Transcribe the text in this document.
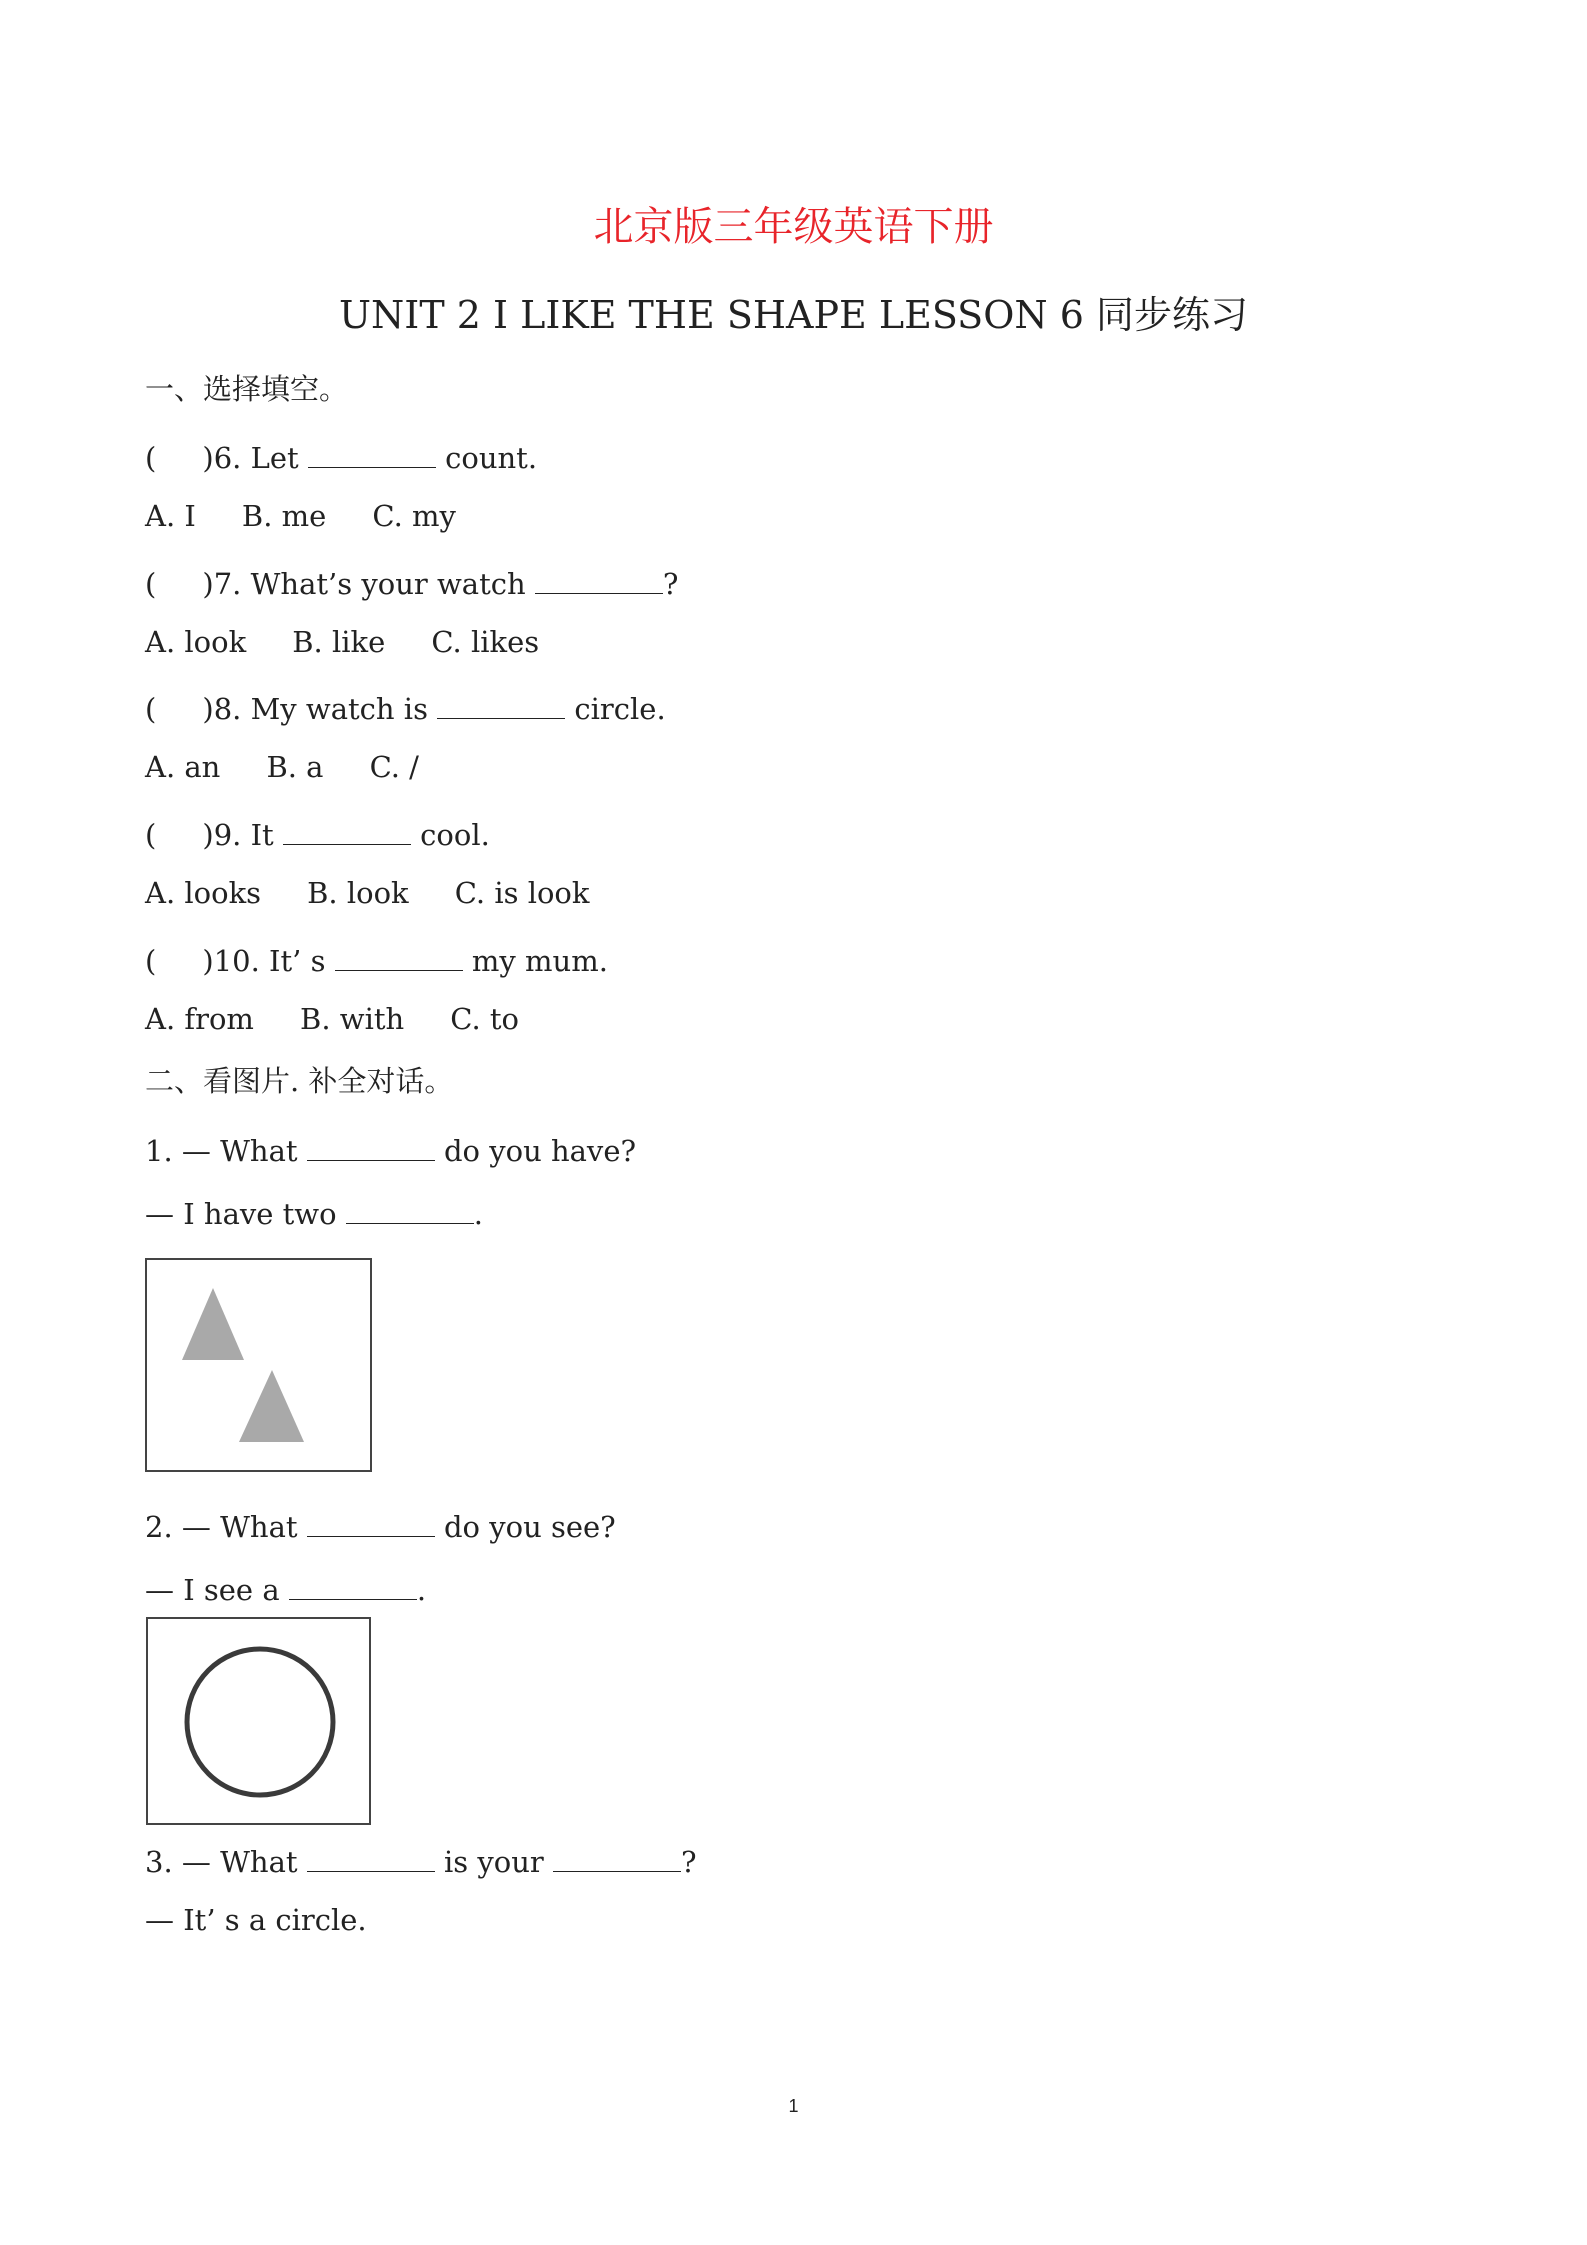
北京版三年级英语下册
UNIT 2 I LIKE THE SHAPE LESSON 6 同步练习
一、选择填空。
(     )6. Let	count.
A. I     B. me     C. my
(     )7. What’s your watch	?
A. look     B. like     C. likes
(     )8. My watch is	circle.
A. an     B. a     C. /
(     )9. It	cool.
A. looks     B. look     C. is look
(     )10. It’ s	my mum.
A. from     B. with     C. to
二、看图片. 补全对话。
1. — What	do you have?
— I have two	.
2. — What	do you see?
— I see a	.
3. — What	is your	?
— It’ s a circle.
1
